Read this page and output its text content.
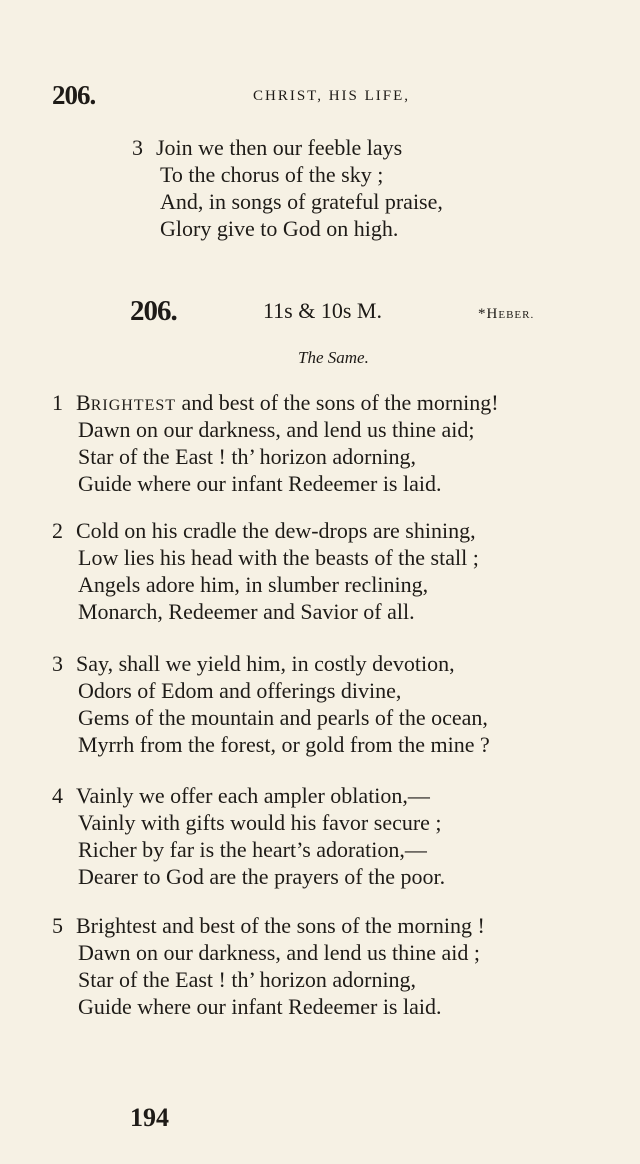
206.	CHRIST, HIS LIFE,
3 Join we then our feeble lays
To the chorus of the sky ;
And, in songs of grateful praise,
Glory give to God on high.
206.	11s & 10s M.	*HEBER.
The Same.
1 BRIGHTEST and best of the sons of the morning!
Dawn on our darkness, and lend us thine aid;
Star of the East ! th’ horizon adorning,
Guide where our infant Redeemer is laid.
2 Cold on his cradle the dew-drops are shining,
Low lies his head with the beasts of the stall ;
Angels adore him, in slumber reclining,
Monarch, Redeemer and Savior of all.
3 Say, shall we yield him, in costly devotion,
Odors of Edom and offerings divine,
Gems of the mountain and pearls of the ocean,
Myrrh from the forest, or gold from the mine ?
4 Vainly we offer each ampler oblation,—
Vainly with gifts would his favor secure ;
Richer by far is the heart’s adoration,—
Dearer to God are the prayers of the poor.
5 Brightest and best of the sons of the morning !
Dawn on our darkness, and lend us thine aid ;
Star of the East ! th’ horizon adorning,
Guide where our infant Redeemer is laid.
194
